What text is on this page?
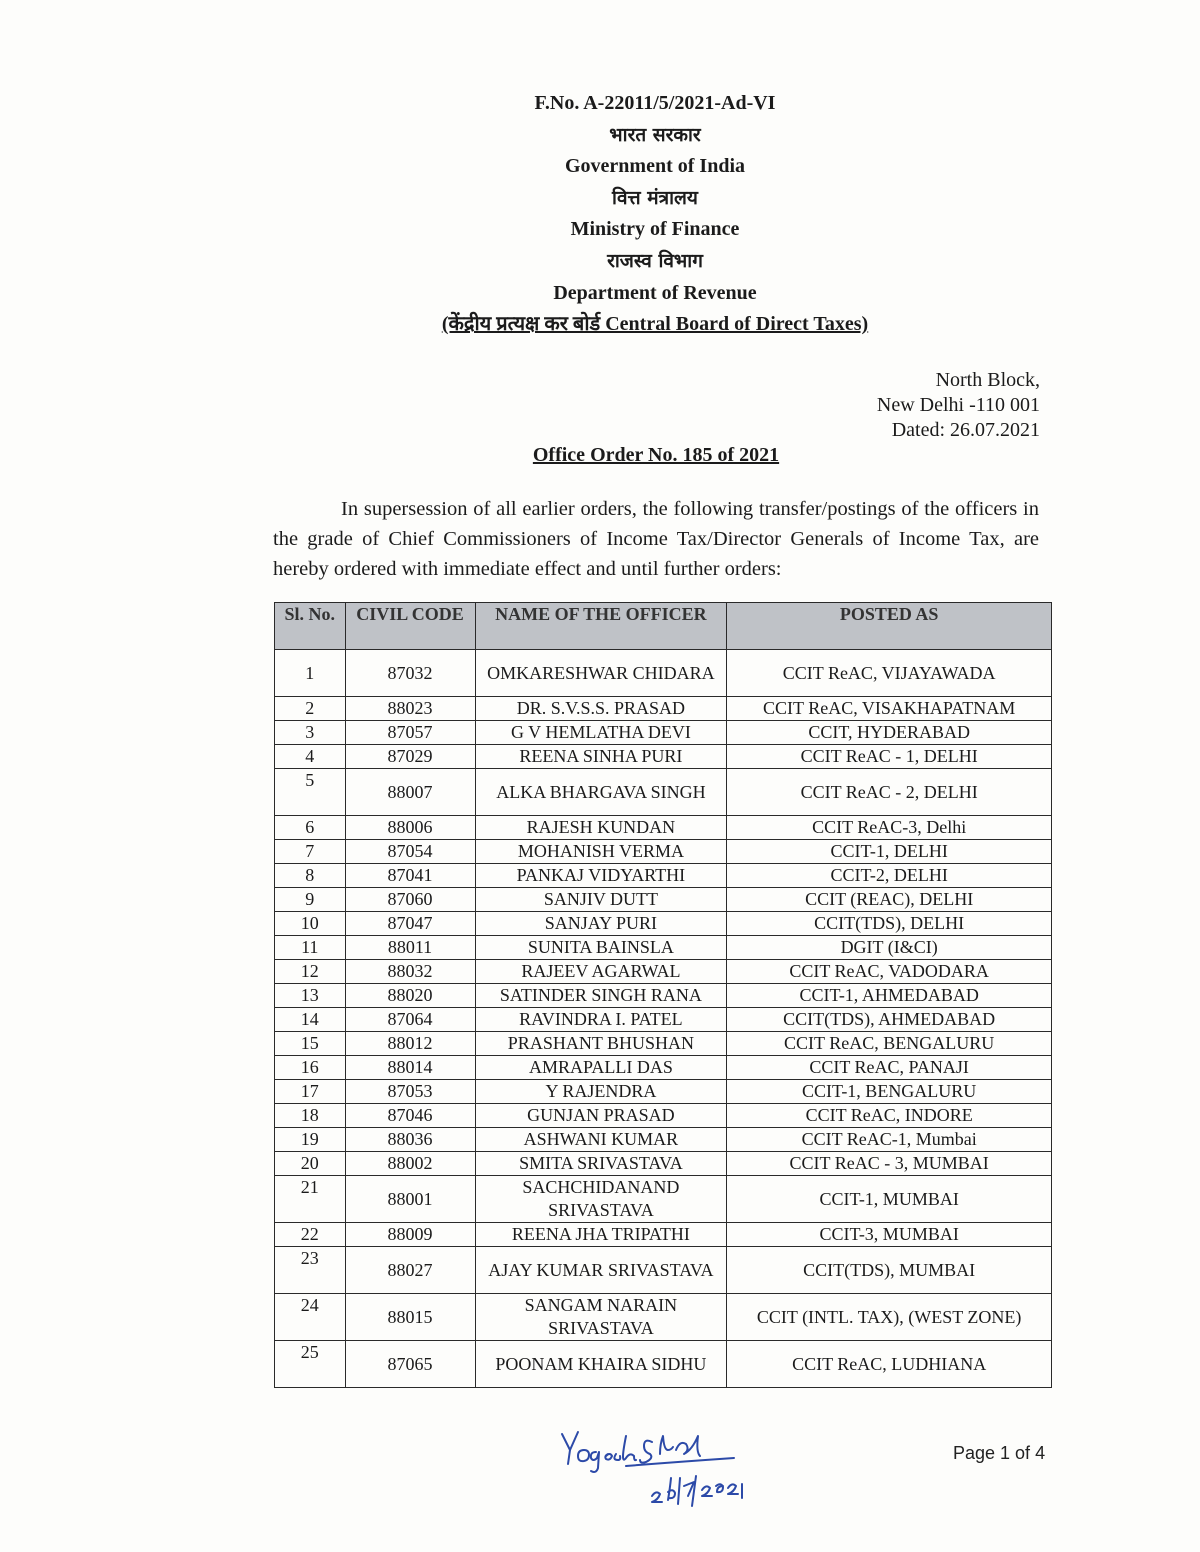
F.No. A-22011/5/2021-Ad-VI
भारत सरकार
Government of India
वित्त मंत्रालय
Ministry of Finance
राजस्व विभाग
Department of Revenue
(केंद्रीय प्रत्यक्ष कर बोर्ड Central Board of Direct Taxes)
North Block,
New Delhi -110 001
Dated: 26.07.2021
Office Order No. 185 of 2021
In supersession of all earlier orders, the following transfer/postings of the officers in the grade of Chief Commissioners of Income Tax/Director Generals of Income Tax, are hereby ordered with immediate effect and until further orders:
Sl. No.	CIVIL CODE	NAME OF THE OFFICER	POSTED AS
1	87032	OMKARESHWAR CHIDARA	CCIT ReAC, VIJAYAWADA
2	88023	DR. S.V.S.S. PRASAD	CCIT ReAC, VISAKHAPATNAM
3	87057	G V HEMLATHA DEVI	CCIT, HYDERABAD
4	87029	REENA SINHA PURI	CCIT ReAC - 1, DELHI
5	88007	ALKA BHARGAVA SINGH	CCIT ReAC - 2, DELHI
6	88006	RAJESH KUNDAN	CCIT ReAC-3, Delhi
7	87054	MOHANISH VERMA	CCIT-1, DELHI
8	87041	PANKAJ VIDYARTHI	CCIT-2, DELHI
9	87060	SANJIV DUTT	CCIT (REAC), DELHI
10	87047	SANJAY PURI	CCIT(TDS), DELHI
11	88011	SUNITA BAINSLA	DGIT (I&CI)
12	88032	RAJEEV AGARWAL	CCIT ReAC, VADODARA
13	88020	SATINDER SINGH RANA	CCIT-1, AHMEDABAD
14	87064	RAVINDRA I. PATEL	CCIT(TDS), AHMEDABAD
15	88012	PRASHANT BHUSHAN	CCIT ReAC, BENGALURU
16	88014	AMRAPALLI DAS	CCIT ReAC, PANAJI
17	87053	Y RAJENDRA	CCIT-1, BENGALURU
18	87046	GUNJAN PRASAD	CCIT ReAC, INDORE
19	88036	ASHWANI KUMAR	CCIT ReAC-1, Mumbai
20	88002	SMITA SRIVASTAVA	CCIT ReAC - 3, MUMBAI
21	88001	SACHCHIDANAND SRIVASTAVA	CCIT-1, MUMBAI
22	88009	REENA JHA TRIPATHI	CCIT-3, MUMBAI
23	88027	AJAY KUMAR SRIVASTAVA	CCIT(TDS), MUMBAI
24	88015	SANGAM NARAIN SRIVASTAVA	CCIT (INTL. TAX), (WEST ZONE)
25	87065	POONAM KHAIRA SIDHU	CCIT ReAC, LUDHIANA
Page 1 of 4
